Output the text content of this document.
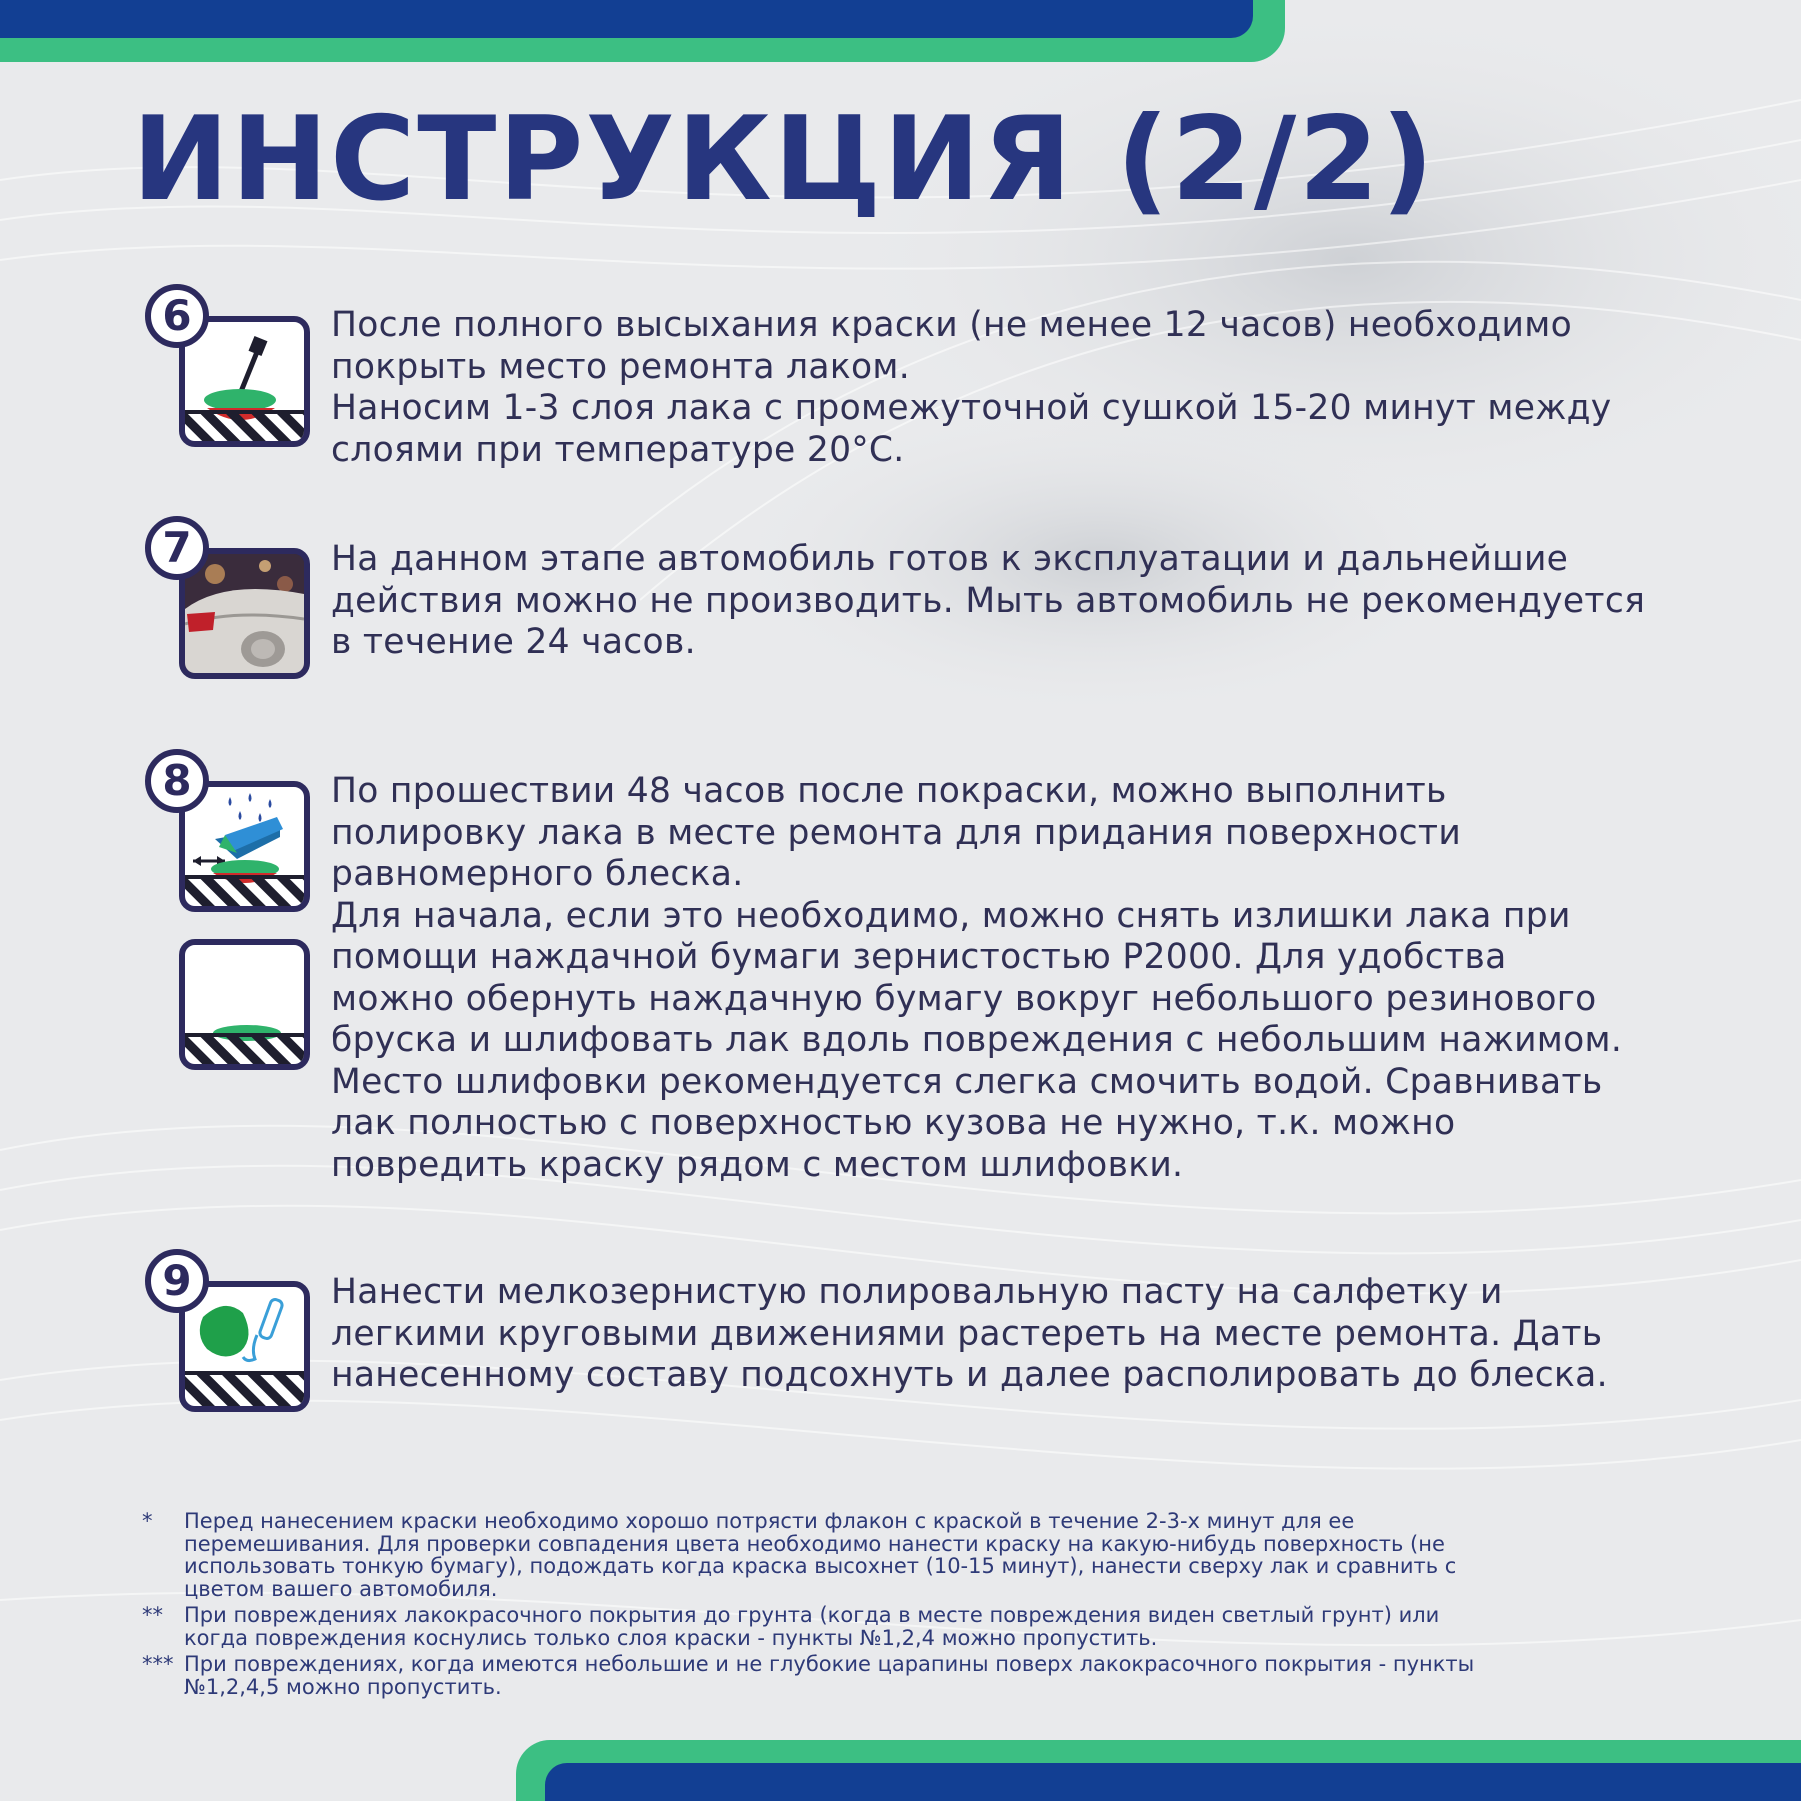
ИНСТРУКЦИЯ (2/2)
6	После полного высыхания краски (не менее 12 часов) необходимо
покрыть место ремонта лаком.
Наносим 1-3 слоя лака с промежуточной сушкой 15-20 минут между
слоями при температуре 20°С.
7	На данном этапе автомобиль готов к эксплуатации и дальнейшие
действия можно не производить. Мыть автомобиль не рекомендуется
в течение 24 часов.
8	По прошествии 48 часов после покраски, можно выполнить
полировку лака в месте ремонта для придания поверхности
равномерного блеска.
Для начала, если это необходимо, можно снять излишки лака при
помощи наждачной бумаги зернистостью Р2000. Для удобства
можно обернуть наждачную бумагу вокруг небольшого резинового
бруска и шлифовать лак вдоль повреждения с небольшим нажимом.
Место шлифовки рекомендуется слегка смочить водой. Сравнивать
лак полностью с поверхностью кузова не нужно, т.к. можно
повредить краску рядом с местом шлифовки.
9	Нанести мелкозернистую полировальную пасту на салфетку и
легкими круговыми движениями растереть на месте ремонта. Дать
нанесенному составу подсохнуть и далее располировать до блеска.
* Перед нанесением краски необходимо хорошо потрясти флакон с краской в течение 2-3-х минут для ее
перемешивания. Для проверки совпадения цвета необходимо нанести краску на какую-нибудь поверхность (не
использовать тонкую бумагу), подождать когда краска высохнет (10-15 минут), нанести сверху лак и сравнить с
цветом вашего автомобиля.
** При повреждениях лакокрасочного покрытия до грунта (когда в месте повреждения виден светлый грунт) или
когда повреждения коснулись только слоя краски - пункты №1,2,4 можно пропустить.
*** При повреждениях, когда имеются небольшие и не глубокие царапины поверх лакокрасочного покрытия - пункты
№1,2,4,5 можно пропустить.
